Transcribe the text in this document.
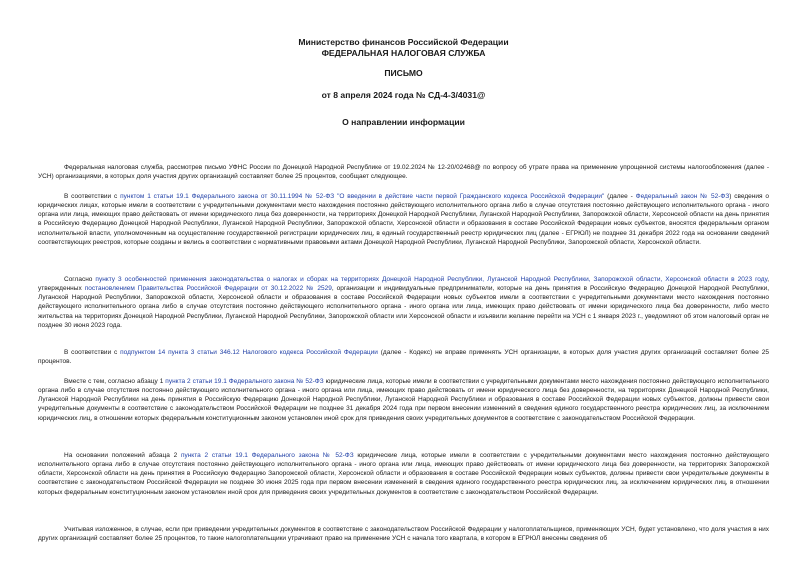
Министерство финансов Российской Федерации
ФЕДЕРАЛЬНАЯ НАЛОГОВАЯ СЛУЖБА
ПИСЬМО
от 8 апреля 2024 года № СД-4-3/4031@
О направлении информации

Федеральная налоговая служба, рассмотрев письмо УФНС России по Донецкой Народной Республике от 19.02.2024 № 12-20/02468@ по вопросу об утрате права на применение упрощенной системы налогообложения (далее - УСН) организациями, в которых доля участия других организаций составляет более 25 процентов, сообщает следующее.

В соответствии с пунктом 1 статьи 19.1 Федерального закона от 30.11.1994 № 52-ФЗ "О введении в действие части первой Гражданского кодекса Российской Федерации" (далее - Федеральный закон № 52-ФЗ) сведения о юридических лицах, которые имели в соответствии с учредительными документами место нахождения постоянно действующего исполнительного органа либо в случае отсутствия постоянно действующего исполнительного органа - иного органа или лица, имеющих право действовать от имени юридического лица без доверенности, на территориях Донецкой Народной Республики, Луганской Народной Республики, Запорожской области, Херсонской области на день принятия в Российскую Федерацию Донецкой Народной Республики, Луганской Народной Республики, Запорожской области, Херсонской области и образования в составе Российской Федерации новых субъектов, вносятся федеральным органом исполнительной власти, уполномоченным на осуществление государственной регистрации юридических лиц, в единый государственный реестр юридических лиц (далее - ЕГРЮЛ) не позднее 31 декабря 2022 года на основании сведений соответствующих реестров, которые созданы и велись в соответствии с нормативными правовыми актами Донецкой Народной Республики, Луганской Народной Республики, Запорожской области, Херсонской области.

Согласно пункту 3 особенностей применения законодательства о налогах и сборах на территориях Донецкой Народной Республики, Луганской Народной Республики, Запорожской области, Херсонской области в 2023 году, утвержденных постановлением Правительства Российской Федерации от 30.12.2022 № 2529, организации и индивидуальные предприниматели, которые на день принятия в Российскую Федерацию Донецкой Народной Республики, Луганской Народной Республики, Запорожской области, Херсонской области и образования в составе Российской Федерации новых субъектов имели в соответствии с учредительными документами место нахождения постоянно действующего исполнительного органа либо в случае отсутствия постоянно действующего исполнительного органа - иного органа или лица, имеющих право действовать от имени юридического лица без доверенности, либо место жительства на территориях Донецкой Народной Республики, Луганской Народной Республики, Запорожской области или Херсонской области и изъявили желание перейти на УСН с 1 января 2023 г., уведомляют об этом налоговый орган не позднее 30 июня 2023 года.

В соответствии с подпунктом 14 пункта 3 статьи 346.12 Налогового кодекса Российской Федерации (далее - Кодекс) не вправе применять УСН организации, в которых доля участия других организаций составляет более 25 процентов.

Вместе с тем, согласно абзацу 1 пункта 2 статьи 19.1 Федерального закона № 52-ФЗ юридические лица, которые имели в соответствии с учредительными документами место нахождения постоянно действующего исполнительного органа либо в случае отсутствия постоянно действующего исполнительного органа - иного органа или лица, имеющих право действовать от имени юридического лица без доверенности, на территориях Донецкой Народной Республики, Луганской Народной Республики на день принятия в Российскую Федерацию Донецкой Народной Республики, Луганской Народной Республики и образования в составе Российской Федерации новых субъектов, должны привести свои учредительные документы в соответствие с законодательством Российской Федерации не позднее 31 декабря 2024 года при первом внесении изменений в сведения единого государственного реестра юридических лиц, за исключением юридических лиц, в отношении которых федеральным конституционным законом установлен иной срок для приведения своих учредительных документов в соответствие с законодательством Российской Федерации.

На основании положений абзаца 2 пункта 2 статьи 19.1 Федерального закона № 52-ФЗ юридические лица, которые имели в соответствии с учредительными документами место нахождения постоянно действующего исполнительного органа либо в случае отсутствия постоянно действующего исполнительного органа - иного органа или лица, имеющих право действовать от имени юридического лица без доверенности, на территориях Запорожской области, Херсонской области на день принятия в Российскую Федерацию Запорожской области, Херсонской области и образования в составе Российской Федерации новых субъектов, должны привести свои учредительные документы в соответствие с законодательством Российской Федерации не позднее 30 июня 2025 года при первом внесении изменений в сведения единого государственного реестра юридических лиц, за исключением юридических лиц, в отношении которых федеральным конституционным законом установлен иной срок для приведения своих учредительных документов в соответствие с законодательством Российской Федерации.

Учитывая изложенное, в случае, если при приведении учредительных документов в соответствие с законодательством Российской Федерации у налогоплательщиков, применяющих УСН, будет установлено, что доля участия в них других организаций составляет более 25 процентов, то такие налогоплательщики утрачивают право на применение УСН с начала того квартала, в котором в ЕГРЮЛ внесены сведения об
